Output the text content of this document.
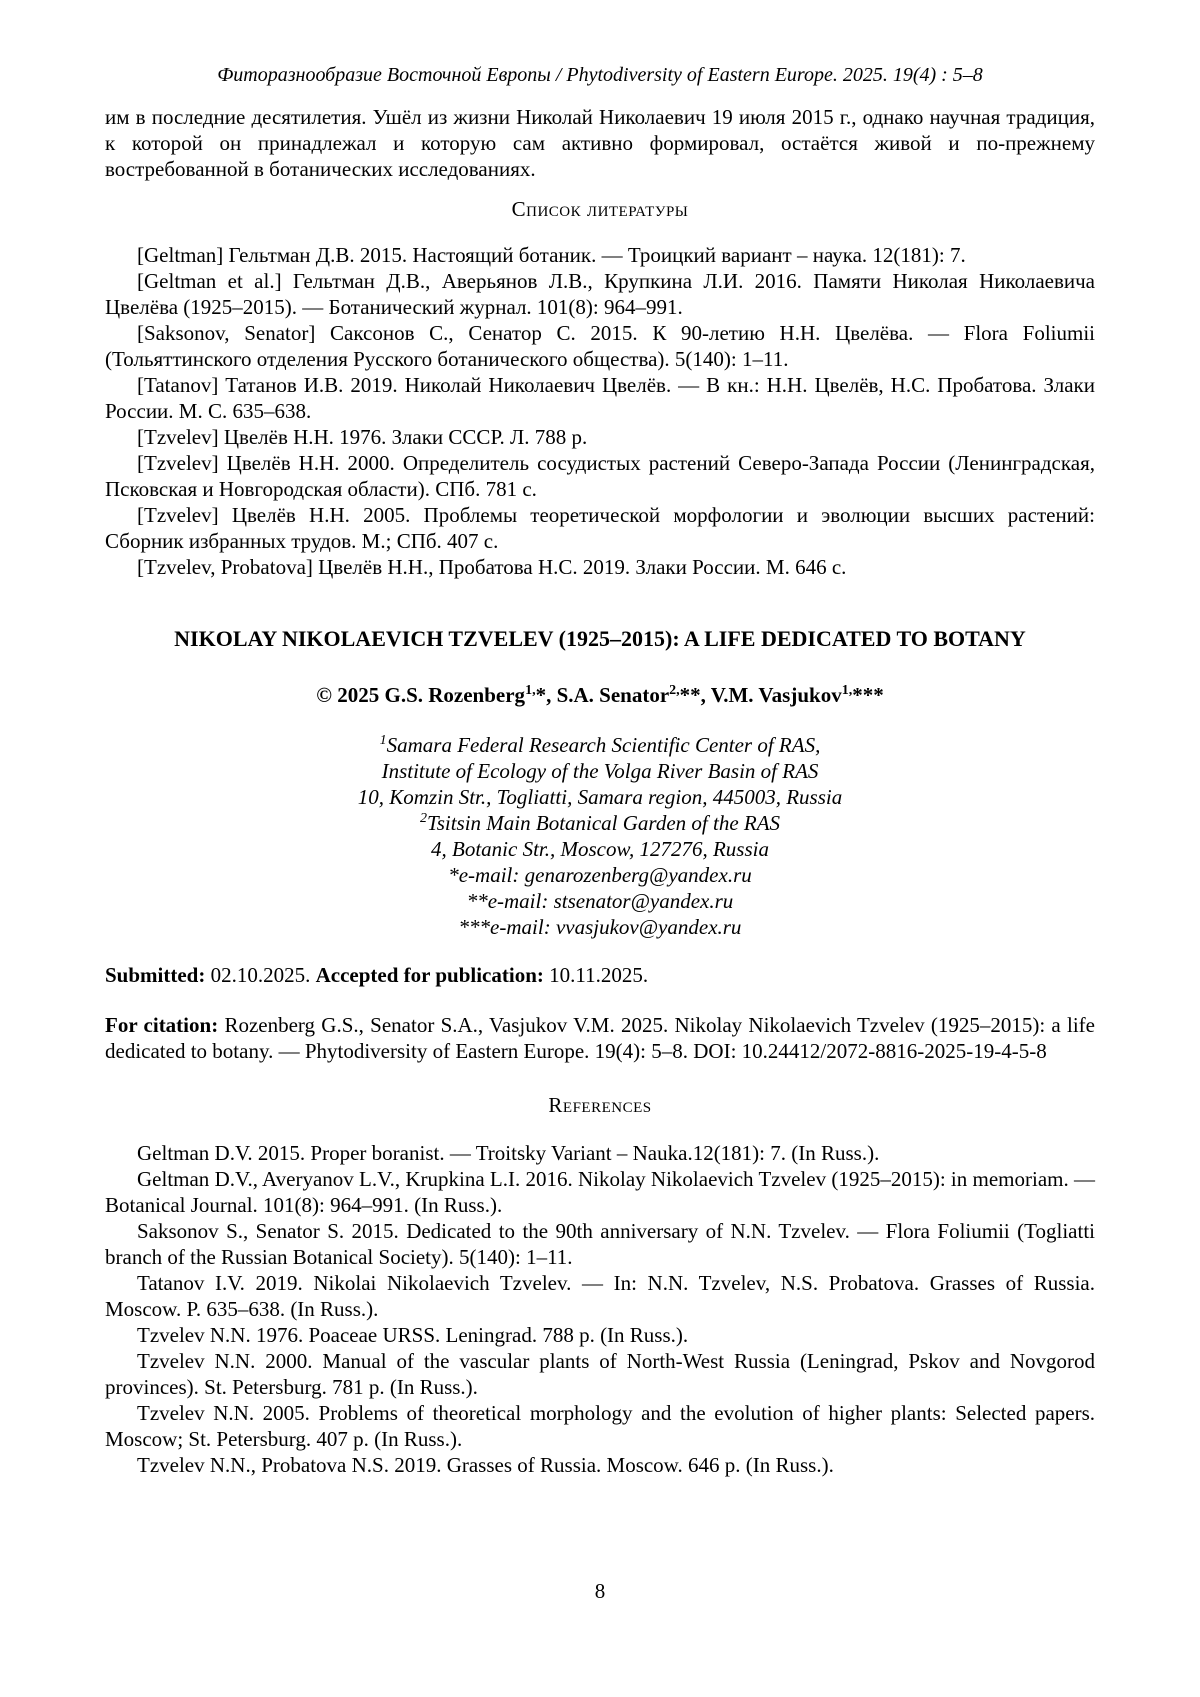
Фиторазнообразие Восточной Европы / Phytodiversity of Eastern Europe. 2025. 19(4) : 5–8

им в последние десятилетия. Ушёл из жизни Николай Николаевич 19 июля 2015 г., однако научная традиция, к которой он принадлежал и которую сам активно формировал, остаётся живой и по-прежнему востребованной в ботанических исследованиях.

Список литературы

[Geltman] Гельтман Д.В. 2015. Настоящий ботаник. — Троицкий вариант – наука. 12(181): 7.

[Geltman et al.] Гельтман Д.В., Аверьянов Л.В., Крупкина Л.И. 2016. Памяти Николая Николаевича Цвелёва (1925–2015). — Ботанический журнал. 101(8): 964–991.

[Saksonov, Senator] Саксонов С., Сенатор С. 2015. К 90-летию Н.Н. Цвелёва. — Flora Foliumii (Тольяттинского отделения Русского ботанического общества). 5(140): 1–11.

[Tatanov] Татанов И.В. 2019. Николай Николаевич Цвелёв. — В кн.: Н.Н. Цвелёв, Н.С. Пробатова. Злаки России. М. С. 635–638.

[Tzvelev] Цвелёв Н.Н. 1976. Злаки СССР. Л. 788 р.

[Tzvelev] Цвелёв Н.Н. 2000. Определитель сосудистых растений Северо-Запада России (Ленинградская, Псковская и Новгородская области). СПб. 781 с.

[Tzvelev] Цвелёв Н.Н. 2005. Проблемы теоретической морфологии и эволюции высших растений: Сборник избранных трудов. М.; СПб. 407 с.

[Tzvelev, Probatova] Цвелёв Н.Н., Пробатова Н.С. 2019. Злаки России. М. 646 с.

NIKOLAY NIKOLAEVICH TZVELEV (1925–2015): A LIFE DEDICATED TO BOTANY

© 2025 G.S. Rozenberg$^{1,}$*, S.A. Senator$^{2,}$**, V.M. Vasjukov$^{1,}$***

$^1$Samara Federal Research Scientific Center of RAS,
Institute of Ecology of the Volga River Basin of RAS
10, Komzin Str., Togliatti, Samara region, 445003, Russia
$^2$Tsitsin Main Botanical Garden of the RAS
4, Botanic Str., Moscow, 127276, Russia
*e-mail: genarozenberg@yandex.ru
**e-mail: stsenator@yandex.ru
***e-mail: vvasjukov@yandex.ru

Submitted: 02.10.2025. Accepted for publication: 10.11.2025.

For citation: Rozenberg G.S., Senator S.A., Vasjukov V.M. 2025. Nikolay Nikolaevich Tzvelev (1925–2015): a life dedicated to botany. — Phytodiversity of Eastern Europe. 19(4): 5–8. DOI: 10.24412/2072-8816-2025-19-4-5-8

References

Geltman D.V. 2015. Proper boranist. — Troitsky Variant – Nauka.12(181): 7. (In Russ.).

Geltman D.V., Averyanov L.V., Krupkina L.I. 2016. Nikolay Nikolaevich Tzvelev (1925–2015): in memoriam. — Botanical Journal. 101(8): 964–991. (In Russ.).

Saksonov S., Senator S. 2015. Dedicated to the 90th anniversary of N.N. Tzvelev. — Flora Foliumii (Togliatti branch of the Russian Botanical Society). 5(140): 1–11.

Tatanov I.V. 2019. Nikolai Nikolaevich Tzvelev. — In: N.N. Tzvelev, N.S. Probatova. Grasses of Russia. Moscow. P. 635–638. (In Russ.).

Tzvelev N.N. 1976. Poaceae URSS. Leningrad. 788 p. (In Russ.).

Tzvelev N.N. 2000. Manual of the vascular plants of North-West Russia (Leningrad, Pskov and Novgorod provinces). St. Petersburg. 781 p. (In Russ.).

Tzvelev N.N. 2005. Problems of theoretical morphology and the evolution of higher plants: Selected papers. Moscow; St. Petersburg. 407 p. (In Russ.).

Tzvelev N.N., Probatova N.S. 2019. Grasses of Russia. Moscow. 646 p. (In Russ.).

8
